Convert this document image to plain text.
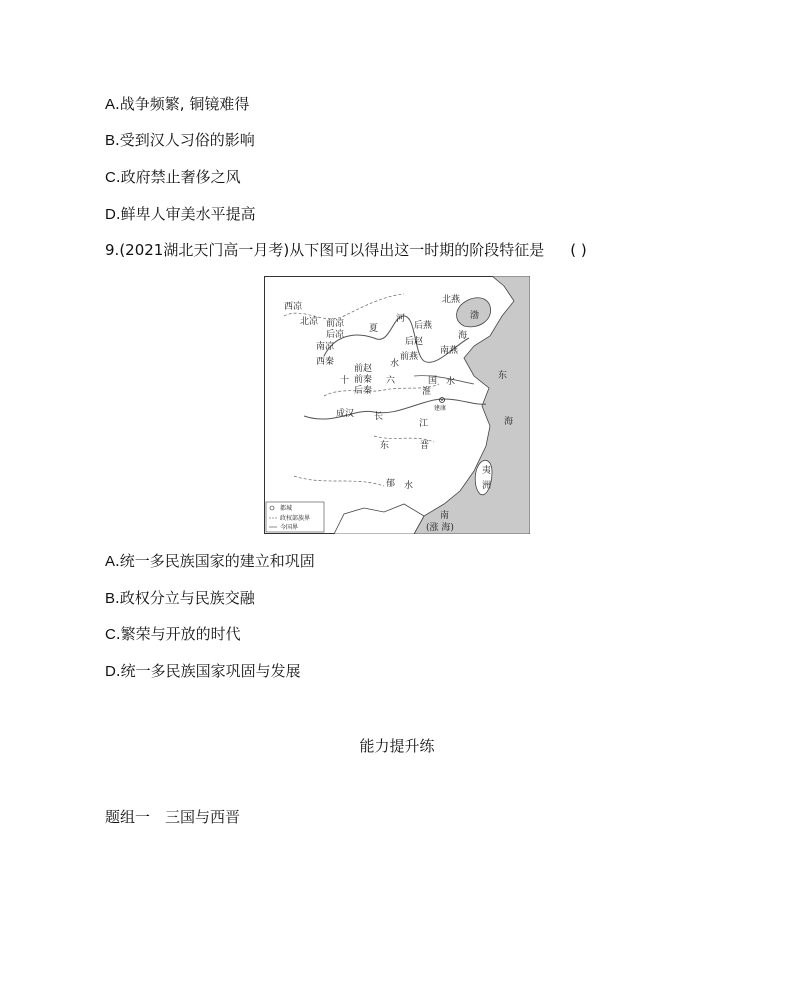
A.战争频繁, 铜镜难得
B.受到汉人习俗的影响
C.政府禁止奢侈之风
D.鲜卑人审美水平提高
9.(2021湖北天门高一月考)从下图可以得出这一时期的阶段特征是 ( )
西凉
北凉
南凉
前凉
后凉
夏
河
后燕
北燕
渤
海
后赵
前燕
南燕
西秦	水
前赵
前秦
后秦
十	六	国 水
东
淮
建康
成汉 长
江	海
东	晋
夷
洲
郁 水
南
(涨 海)
都城
政权部族界
今国界
A.统一多民族国家的建立和巩固
B.政权分立与民族交融
C.繁荣与开放的时代
D.统一多民族国家巩固与发展
能力提升练
题组一　三国与西晋
